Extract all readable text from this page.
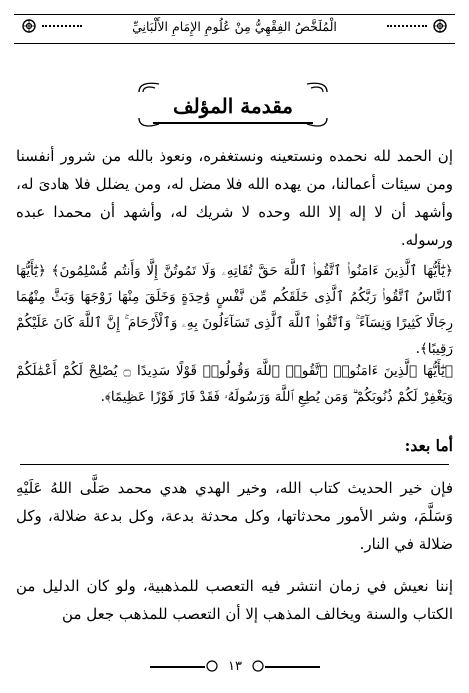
الْمُلَخَّصُ الفِقْهِيُّ مِنْ عُلُومِ الإِمَامِ الأَلْبَانِيِّ
مقدمة المؤلف

إن الحمد لله نحمده ونستعينه ونستغفره، ونعوذ بالله من شرور أنفسنا ومن سيئات أعمالنا، من يهده الله فلا مضل له، ومن يضلل فلا هادىَ له، وأشهد أن لا إله إلا الله وحده لا شريك له، وأشهد أن محمدا عبده ورسوله.

﴿يَٰٓأَيُّهَا ٱلَّذِينَ ءَامَنُوا۟ ٱتَّقُوا۟ ٱللَّهَ حَقَّ تُقَاتِهِۦ وَلَا تَمُوتُنَّ إِلَّا وَأَنتُم مُّسْلِمُونَ﴾ ﴿يَٰٓأَيُّهَا ٱلنَّاسُ ٱتَّقُوا۟ رَبَّكُمُ ٱلَّذِى خَلَقَكُم مِّن نَّفْسٍ وَٰحِدَةٍ وَخَلَقَ مِنْهَا زَوْجَهَا وَبَثَّ مِنْهُمَا رِجَالًا كَثِيرًا وَنِسَآءً ۚ وَٱتَّقُوا۟ ٱللَّهَ ٱلَّذِى تَسَآءَلُونَ بِهِۦ وَٱلْأَرْحَامَ ۚ إِنَّ ٱللَّهَ كَانَ عَلَيْكُمْ رَقِيبًا﴾.

﴿يَٰٓأَيُّهَا ٱلَّذِينَ ءَامَنُوا۟ ٱتَّقُوا۟ ٱللَّهَ وَقُولُوا۟ قَوْلًا سَدِيدًا ۝ يُصْلِحْ لَكُمْ أَعْمَٰلَكُمْ وَيَغْفِرْ لَكُمْ ذُنُوبَكُمْ ۗ وَمَن يُطِعِ ٱللَّهَ وَرَسُولَهُۥ فَقَدْ فَازَ فَوْزًا عَظِيمًا﴾.

أما بعد:

فإن خير الحديث كتاب الله، وخير الهدي هدي محمد صَلَّى اللهُ عَلَيْهِ وَسَلَّمَ، وشر الأمور محدثاتها، وكل محدثة بدعة، وكل بدعة ضلالة، وكل ضلالة في النار.

إننا نعيش في زمان انتشر فيه التعصب للمذهبية، ولو كان الدليل من الكتاب والسنة ويخالف المذهب إلا أن التعصب للمذهب جعل من

١٣
